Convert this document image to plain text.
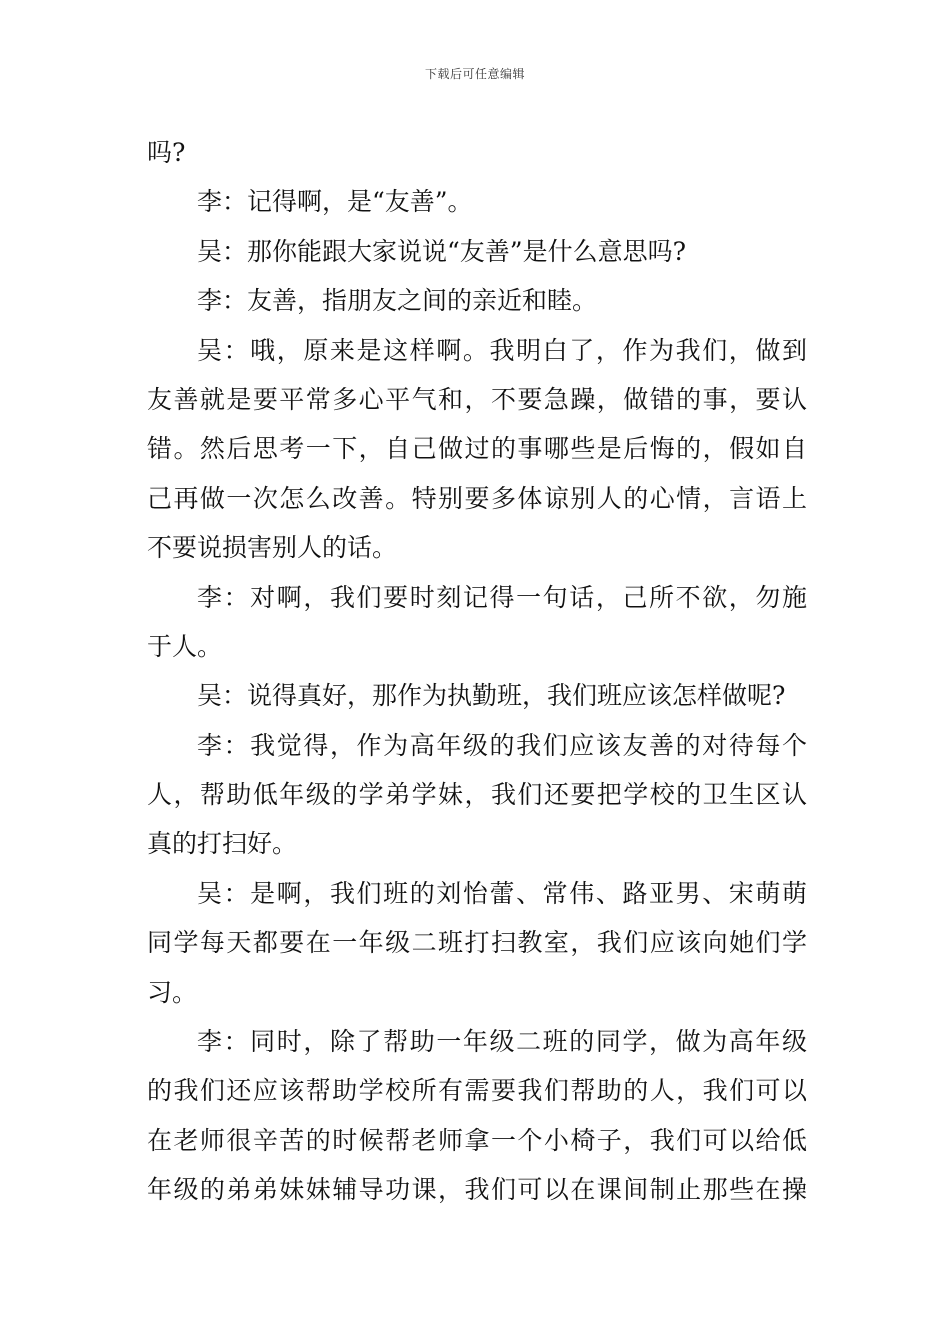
下载后可任意编辑
吗?
李：记得啊，是“友善”。
吴：那你能跟大家说说“友善”是什么意思吗?
李：友善，指朋友之间的亲近和睦。
吴：哦，原来是这样啊。我明白了，作为我们，做到
友善就是要平常多心平气和，不要急躁，做错的事，要认
错。然后思考一下，自己做过的事哪些是后悔的，假如自
己再做一次怎么改善。特别要多体谅别人的心情，言语上
不要说损害别人的话。
李：对啊，我们要时刻记得一句话，己所不欲，勿施
于人。
吴：说得真好，那作为执勤班，我们班应该怎样做呢?
李：我觉得，作为高年级的我们应该友善的对待每个
人，帮助低年级的学弟学妹，我们还要把学校的卫生区认
真的打扫好。
吴：是啊，我们班的刘怡蕾、常伟、路亚男、宋萌萌
同学每天都要在一年级二班打扫教室，我们应该向她们学
习。
李：同时，除了帮助一年级二班的同学，做为高年级
的我们还应该帮助学校所有需要我们帮助的人，我们可以
在老师很辛苦的时候帮老师拿一个小椅子，我们可以给低
年级的弟弟妹妹辅导功课，我们可以在课间制止那些在操
